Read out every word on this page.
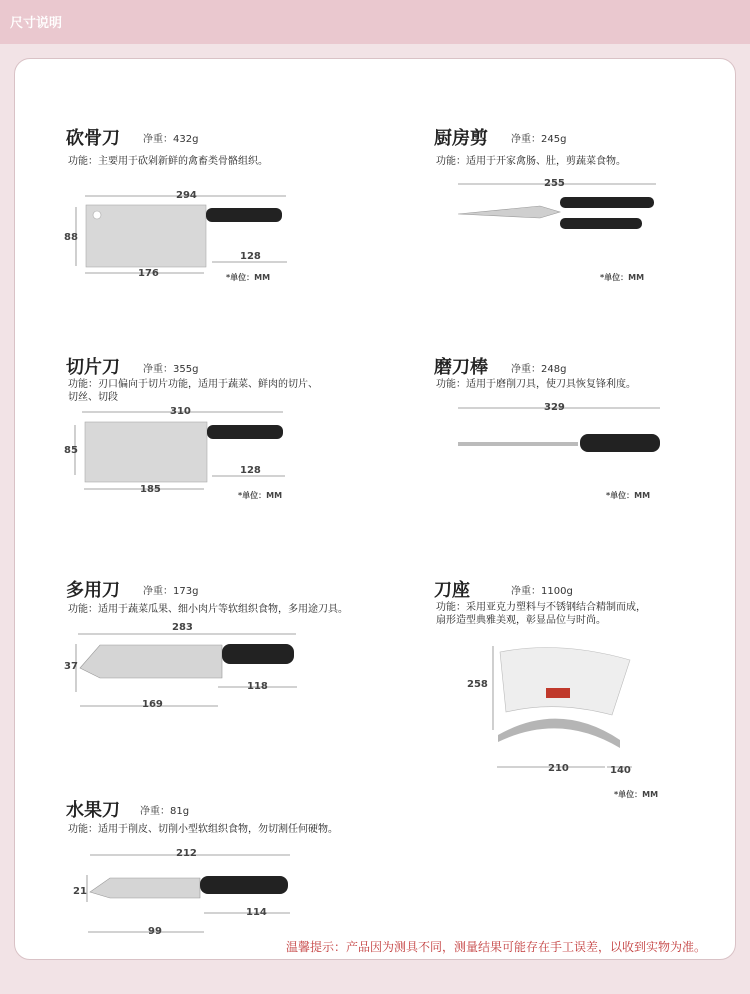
尺寸说明
砍骨刀 净重：432g
功能：主要用于砍剁新鲜的禽畜类骨骼组织。
294
88
128
176	*单位：MM
厨房剪 净重：245g
功能：适用于开家禽肠、肚，剪蔬菜食物。
255
*单位：MM
切片刀 净重：355g
功能：刃口偏向于切片功能，适用于蔬菜、鲜肉的切片、
切丝、切段
310
85
128
185
*单位：MM
磨刀棒 净重：248g
功能：适用于磨削刀具，使刀具恢复锋利度。
329
*单位：MM
多用刀 净重：173g
功能：适用于蔬菜瓜果、细小肉片等软组织食物，多用途刀具。
283
37
118
169
刀座	净重：1100g
功能：采用亚克力塑料与不锈钢结合精制而成，
扇形造型典雅美观，彰显品位与时尚。
258
210	140
*单位：MM
水果刀 净重：81g
功能：适用于削皮、切削小型软组织食物，勿切割任何硬物。
212
21
114
99
温馨提示：产品因为测具不同，测量结果可能存在手工误差，以收到实物为准。
